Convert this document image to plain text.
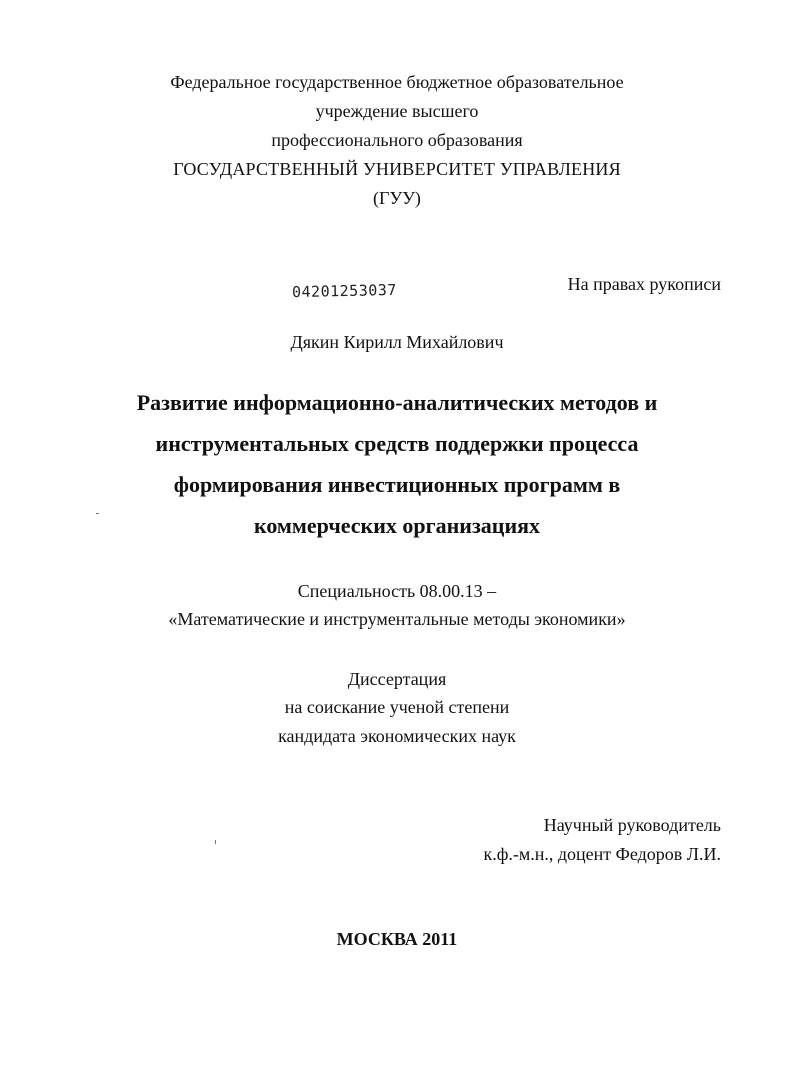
Федеральное государственное бюджетное образовательное
учреждение высшего
профессионального образования
ГОСУДАРСТВЕННЫЙ УНИВЕРСИТЕТ УПРАВЛЕНИЯ
(ГУУ)
04201253037	На правах рукописи
Дякин Кирилл Михайлович
Развитие информационно-аналитических методов и
инструментальных средств поддержки процесса
формирования инвестиционных программ в
коммерческих организациях
Специальность 08.00.13 –
«Математические и инструментальные методы экономики»
Диссертация
на соискание ученой степени
кандидата экономических наук
Научный руководитель
к.ф.-м.н., доцент Федоров Л.И.
МОСКВА 2011
